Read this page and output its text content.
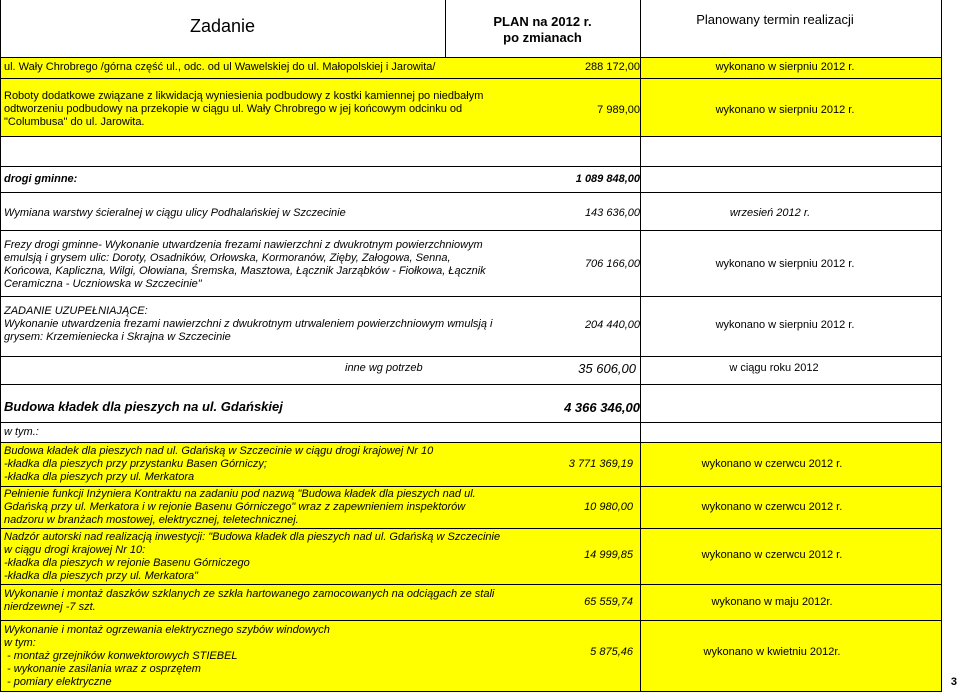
Zadanie	PLAN na 2012 r.
po zmianach
Planowany termin realizacji
ul. Wały Chrobrego /górna część ul., odc. od ul Wawelskiej do ul. Małopolskiej i Jarowita/	288 172,00	wykonano w sierpniu 2012 r.
Roboty dodatkowe związane z likwidacją wyniesienia podbudowy z kostki kamiennej po niedbałym
odtworzeniu podbudowy na przekopie w ciągu ul. Wały Chrobrego w jej końcowym odcinku od
"Columbusa" do ul. Jarowita.
7 989,00	wykonano w sierpniu 2012 r.
drogi gminne:	1 089 848,00
Wymiana warstwy ścieralnej w ciągu ulicy Podhalańskiej w Szczecinie	143 636,00	wrzesień 2012 r.
Frezy drogi gminne- Wykonanie utwardzenia frezami nawierzchni z dwukrotnym powierzchniowym
emulsją i grysem ulic: Doroty, Osadników, Orłowska, Kormoranów, Zięby, Załogowa, Senna,
Końcowa, Kapliczna, Wilgi, Ołowiana, Śremska, Masztowa, Łącznik Jarząbków - Fiołkowa, Łącznik
Ceramiczna - Uczniowska w Szczecinie"
706 166,00	wykonano w sierpniu 2012 r.
ZADANIE UZUPEŁNIAJĄCE:
Wykonanie utwardzenia frezami nawierzchni z dwukrotnym utrwaleniem powierzchniowym wmulsją i
grysem: Krzemieniecka i Skrajna w Szczecinie
204 440,00	wykonano w sierpniu 2012 r.
inne wg potrzeb	35 606,00	w ciągu roku 2012
Budowa kładek dla pieszych na ul. Gdańskiej	4 366 346,00
w tym.:
Budowa kładek dla pieszych nad ul. Gdańską w Szczecinie w ciągu drogi krajowej Nr 10
-kładka dla pieszych przy przystanku Basen Górniczy;
-kładka dla pieszych przy ul. Merkatora
3 771 369,19	wykonano w czerwcu 2012 r.
Pełnienie funkcji Inżyniera Kontraktu na zadaniu pod nazwą "Budowa kładek dla pieszych nad ul.
Gdańską przy ul. Merkatora i w rejonie Basenu Górniczego" wraz z zapewnieniem inspektorów
nadzoru w branżach mostowej, elektrycznej, teletechnicznej.
10 980,00	wykonano w czerwcu 2012 r.
Nadzór autorski nad realizacją inwestycji: "Budowa kładek dla pieszych nad ul. Gdańską w Szczecinie
w ciągu drogi krajowej Nr 10:
-kładka dla pieszych w rejonie Basenu Górniczego
-kładka dla pieszych przy ul. Merkatora"
14 999,85	wykonano w czerwcu 2012 r.
Wykonanie i montaż daszków szklanych ze szkła hartowanego zamocowanych na odciągach ze stali
nierdzewnej -7 szt.	65 559,74	wykonano w maju 2012r.
Wykonanie i montaż ogrzewania elektrycznego szybów windowych
w tym:
- montaż grzejników konwektorowych STIEBEL
- wykonanie zasilania wraz z osprzętem
- pomiary elektryczne
5 875,46	wykonano w kwietniu 2012r.
3
